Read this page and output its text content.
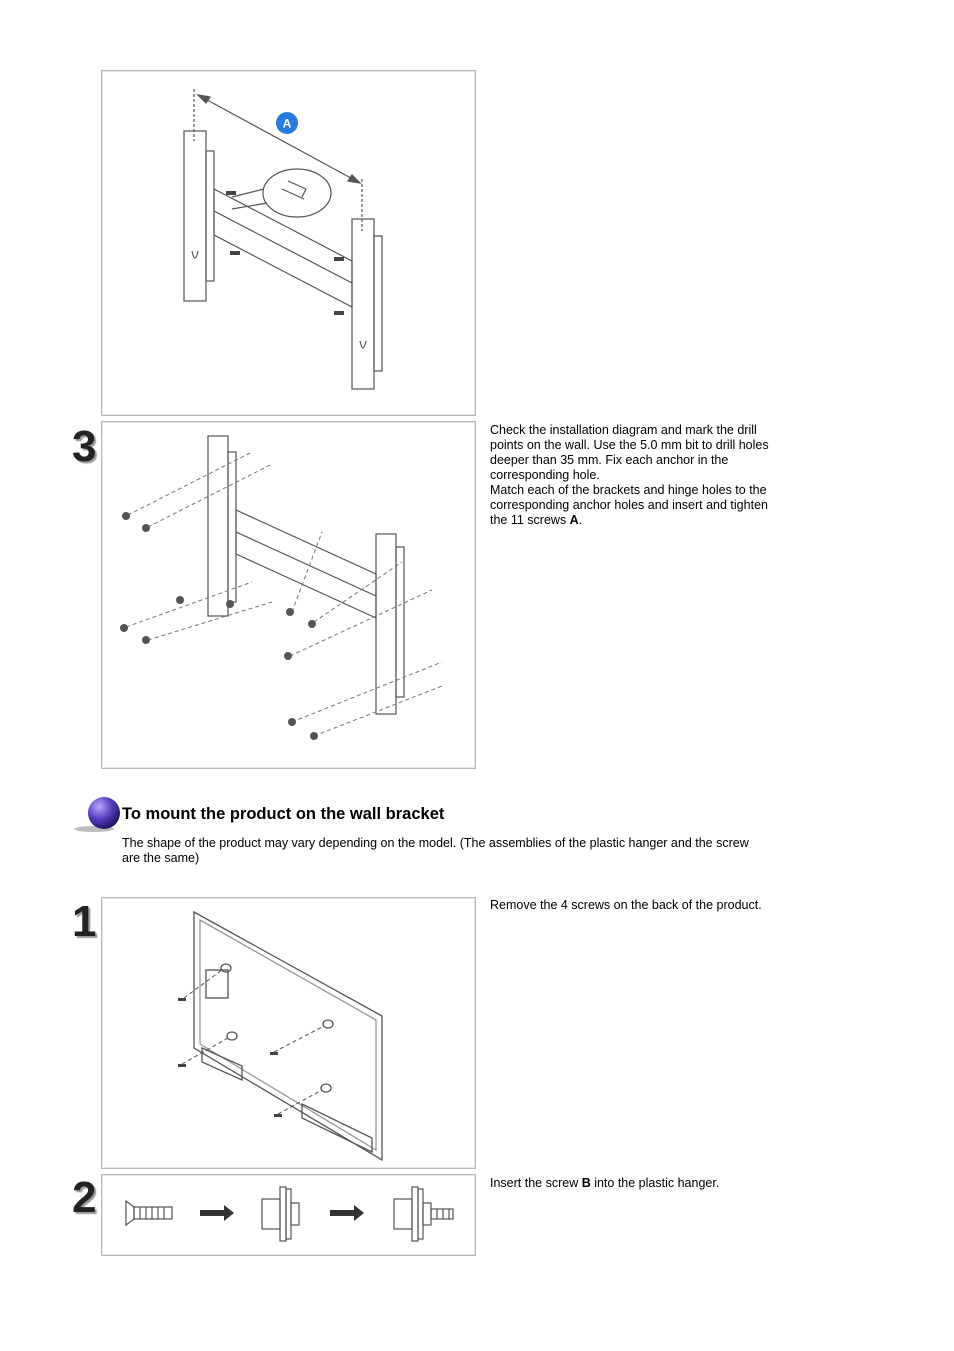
A
3	Check the installation diagram and mark the drill points on the wall. Use the 5.0 mm bit to drill holes deeper than 35 mm. Fix each anchor in the corresponding hole.

Match each of the brackets and hinge holes to the corresponding anchor holes and insert and tighten the 11 screws A.

To mount the product on the wall bracket
The shape of the product may vary depending on the model. (The assemblies of the plastic hanger and the screw are the same)
1	Remove the 4 screws on the back of the product.

2	Insert the screw B into the plastic hanger.
